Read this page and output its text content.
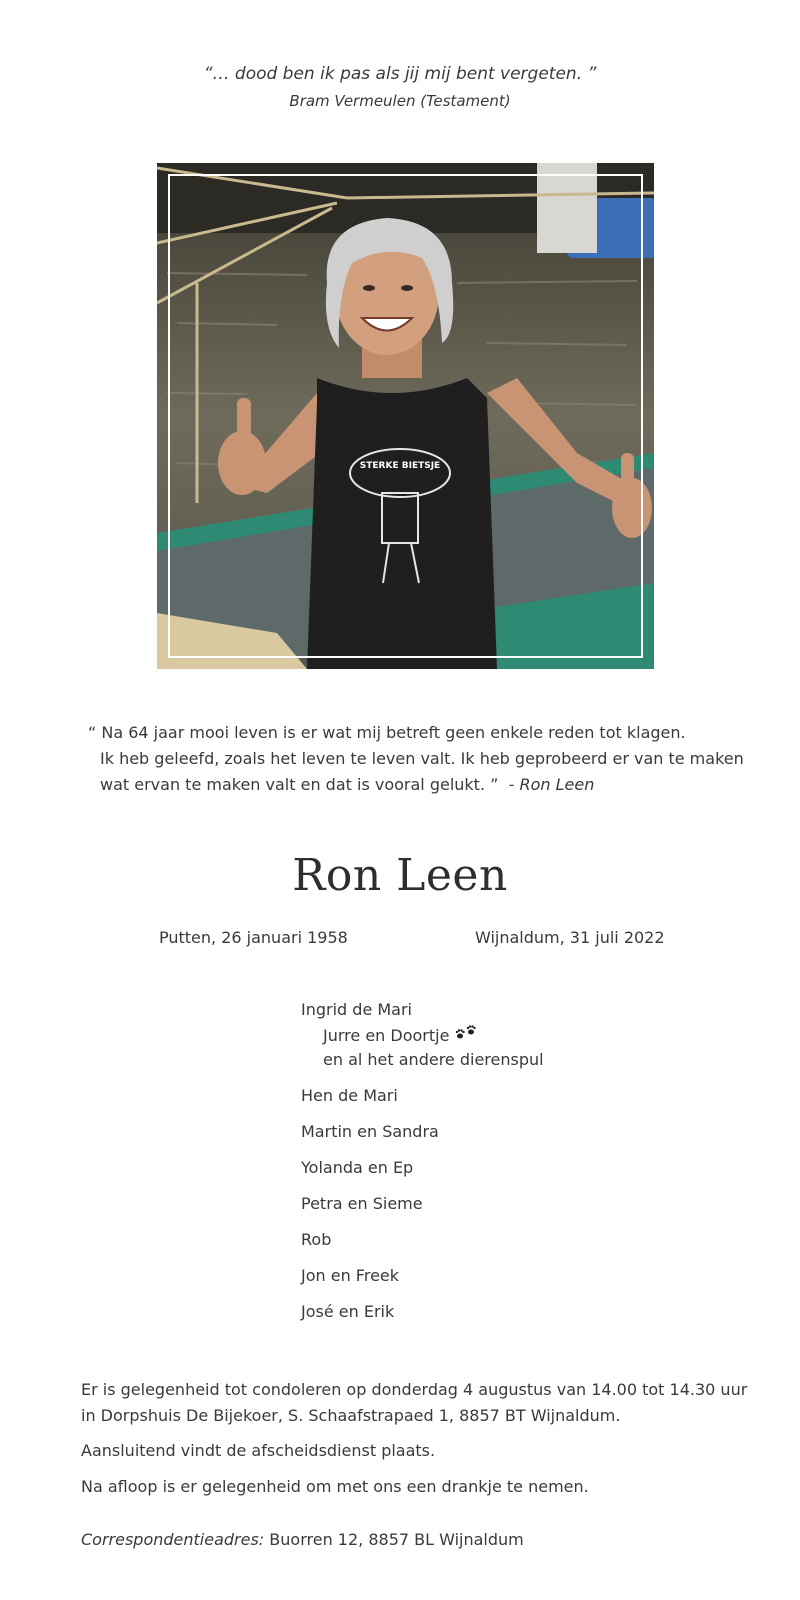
“… dood ben ik pas als jij mij bent vergeten. ”
Bram Vermeulen (Testament)
STERKE BIETSJE
“ Na 64 jaar mooi leven is er wat mij betreft geen enkele reden tot klagen.
Ik heb geleefd, zoals het leven te leven valt. Ik heb geprobeerd er van te maken
wat ervan te maken valt en dat is vooral gelukt. ” - Ron Leen
Ron Leen
Putten, 26 januari 1958	Wijnaldum, 31 juli 2022
Ingrid de Mari
Jurre en Doortje
en al het andere dierenspul
Hen de Mari
Martin en Sandra
Yolanda en Ep
Petra en Sieme
Rob
Jon en Freek
José en Erik
Er is gelegenheid tot condoleren op donderdag 4 augustus van 14.00 tot 14.30 uur
in Dorpshuis De Bijekoer, S. Schaafstrapaed 1, 8857 BT Wijnaldum.
Aansluitend vindt de afscheidsdienst plaats.
Na afloop is er gelegenheid om met ons een drankje te nemen.
Correspondentieadres: Buorren 12, 8857 BL Wijnaldum
